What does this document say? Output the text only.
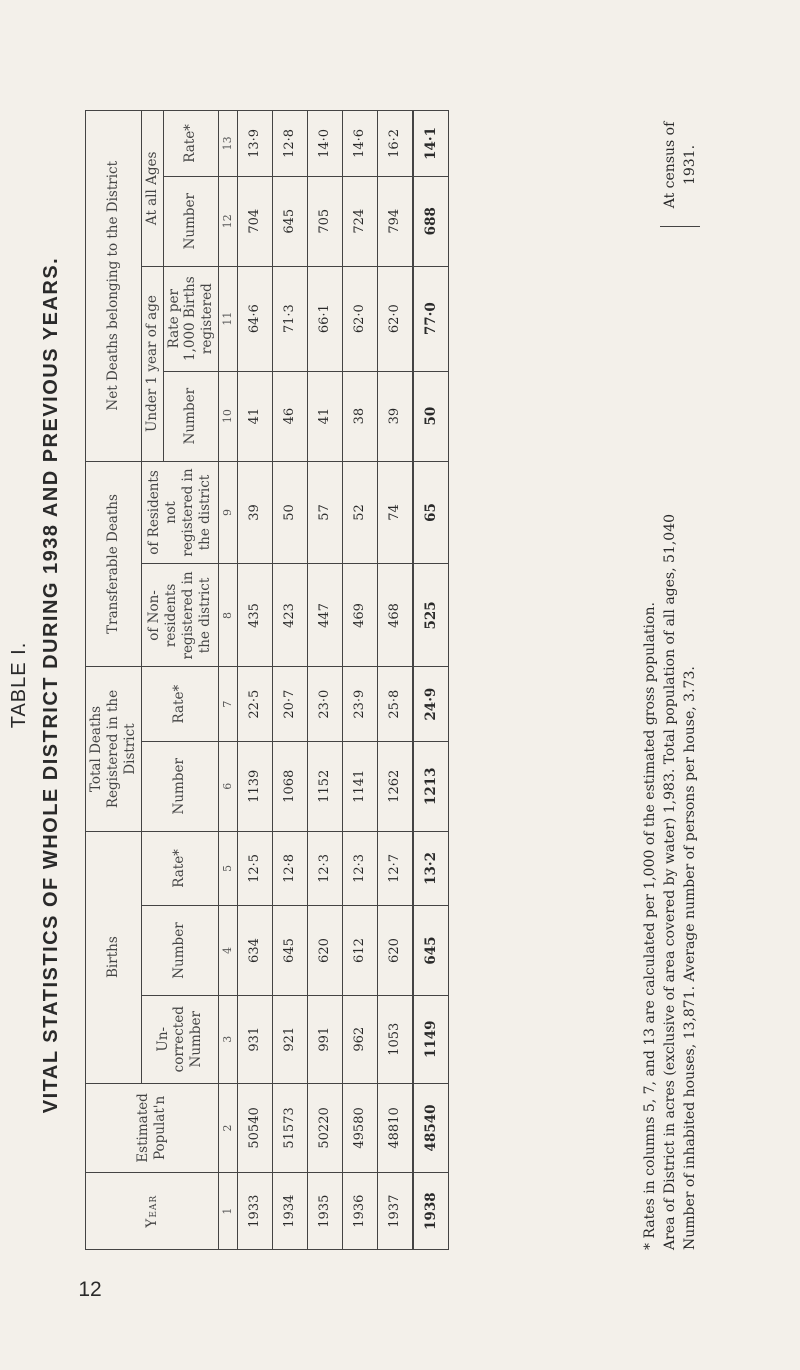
TABLE I. VITAL STATISTICS OF WHOLE DISTRICT DURING 1938 AND PREVIOUS YEARS.
12
Year	Estimated Populat'n	Births			Total Deaths Registered in the District		Transferable Deaths		Net Deaths belonging to the District			
		Un-corrected Number	Number	Rate*	Number	Rate*	of Non-residents registered in the district	of Residents not registered in the district	Under 1 year of age		At all Ages	
									Number	Rate per 1,000 Births registered	Number	Rate*
1	2	3	4	5	6	7	8	9	10	11	12	13
1933	50540	931	634	12·5	1139	22·5	435	39	41	64·6	704	13·9
1934	51573	921	645	12·8	1068	20·7	423	50	46	71·3	645	12·8
1935	50220	991	620	12·3	1152	23·0	447	57	41	66·1	705	14·0
1936	49580	962	612	12·3	1141	23·9	469	52	38	62·0	724	14·6
1937	48810	1053	620	12·7	1262	25·8	468	74	39	62·0	794	16·2
1938	48540	1149	645	13·2	1213	24·9	525	65	50	77·0	688	14·1

* Rates in columns 5, 7, and 13 are calculated per 1,000 of the estimated gross population. Area of District in acres (exclusive of area covered by water) 1,983. Total population of all ages, 51,040 Number of inhabited houses, 13,871. Average number of persons per house, 3.73.

At census of 1931.
